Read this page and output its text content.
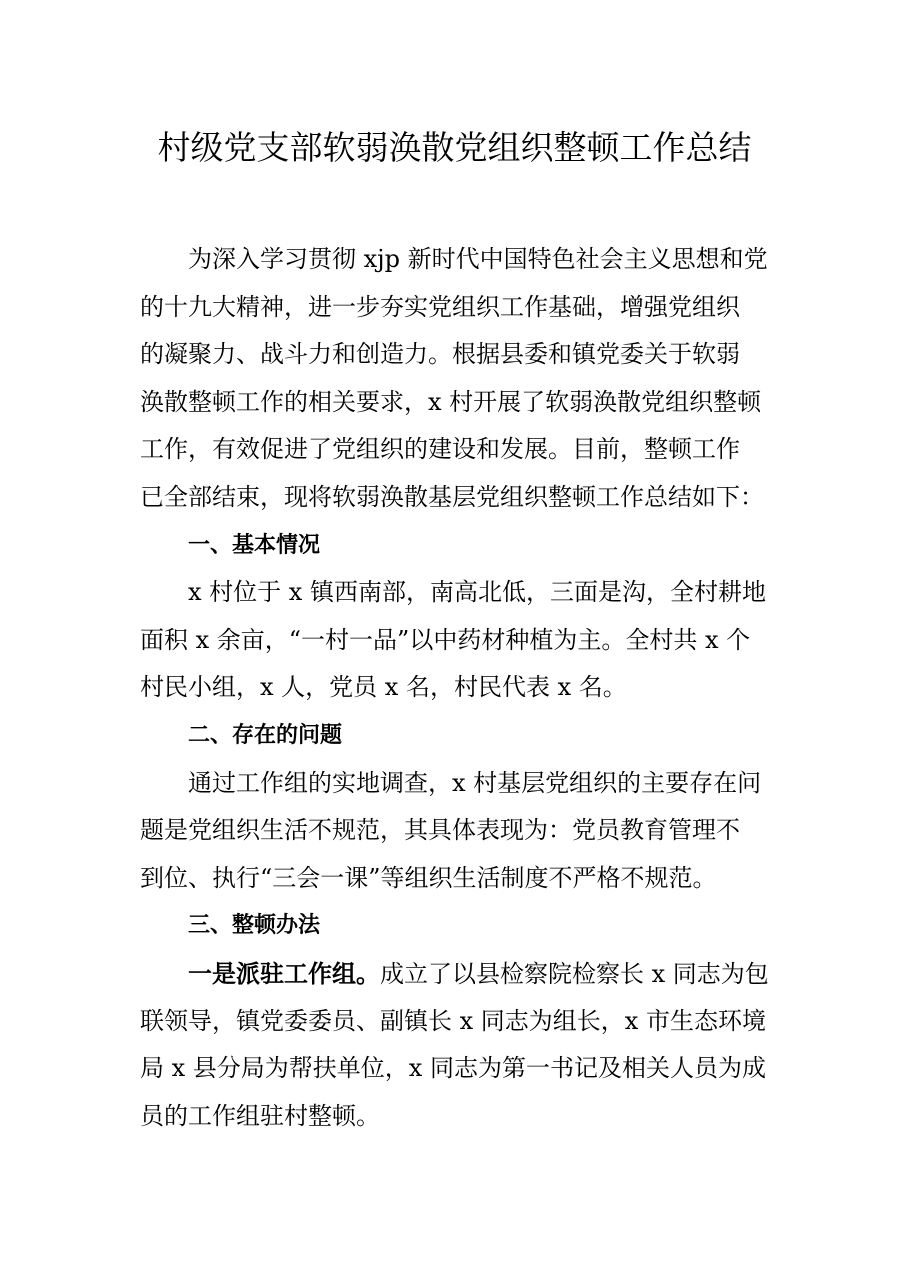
村级党支部软弱涣散党组织整顿工作总结
为深入学习贯彻 xjp 新时代中国特色社会主义思想和党
的十九大精神，进一步夯实党组织工作基础，增强党组织
的凝聚力、战斗力和创造力。根据县委和镇党委关于软弱
涣散整顿工作的相关要求，x 村开展了软弱涣散党组织整顿
工作，有效促进了党组织的建设和发展。目前，整顿工作
已全部结束，现将软弱涣散基层党组织整顿工作总结如下：
一、基本情况
x 村位于 x 镇西南部，南高北低，三面是沟，全村耕地
面积 x 余亩，“一村一品”以中药材种植为主。全村共 x 个
村民小组，x 人，党员 x 名，村民代表 x 名。
二、存在的问题
通过工作组的实地调查，x 村基层党组织的主要存在问
题是党组织生活不规范，其具体表现为：党员教育管理不
到位、执行“三会一课”等组织生活制度不严格不规范。
三、整顿办法
一是派驻工作组。成立了以县检察院检察长 x 同志为包
联领导，镇党委委员、副镇长 x 同志为组长，x 市生态环境
局 x 县分局为帮扶单位，x 同志为第一书记及相关人员为成
员的工作组驻村整顿。
